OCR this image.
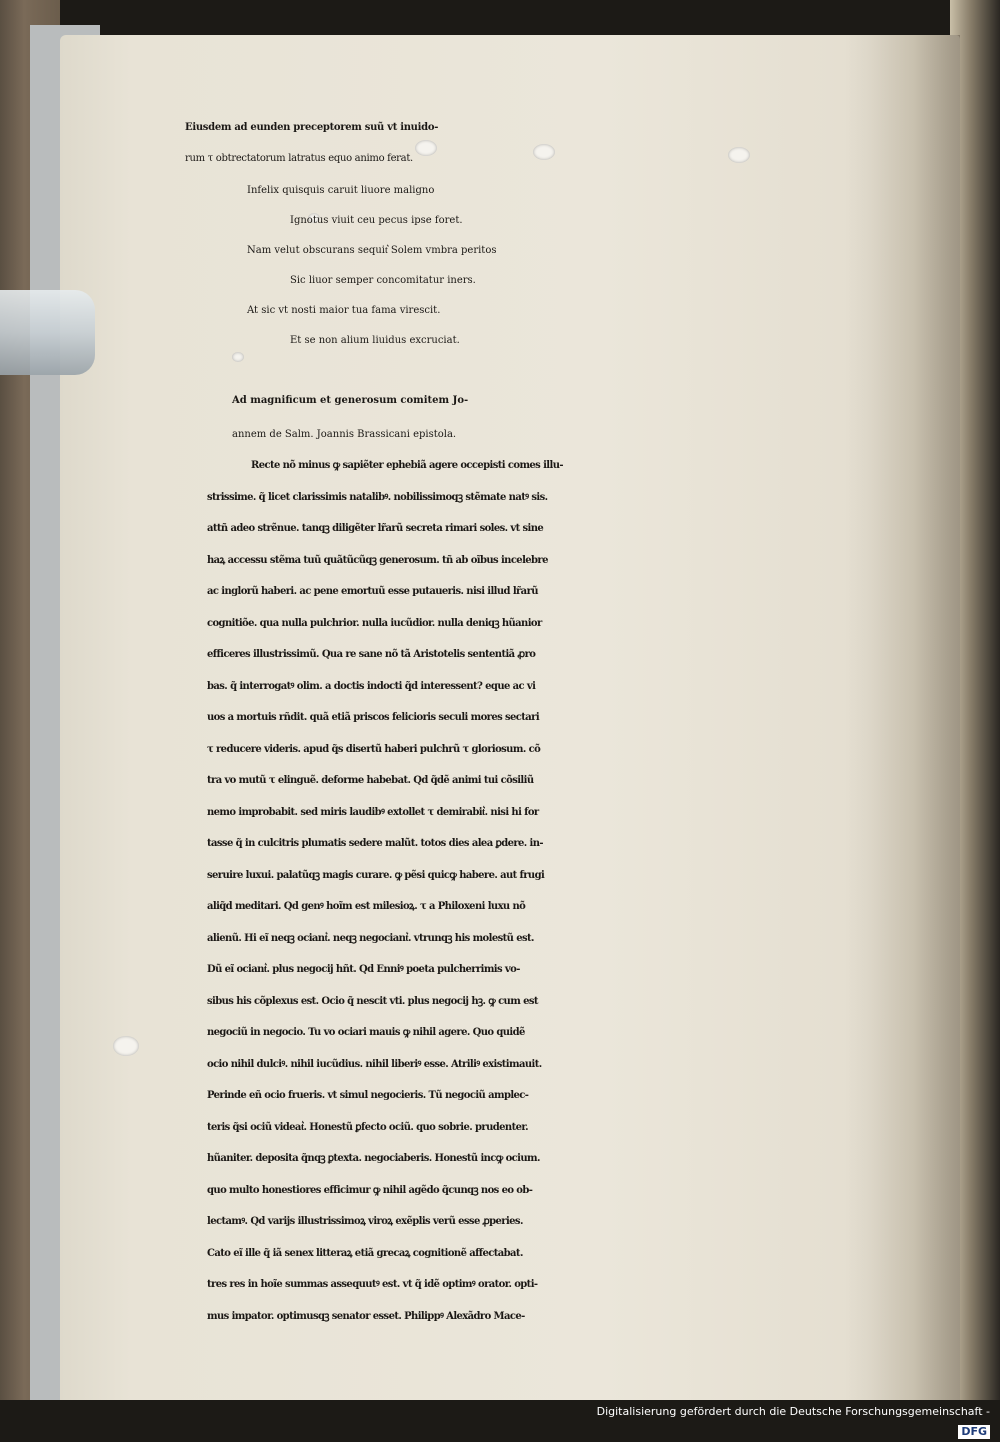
Eiusdem ad eunden preceptorem suũ vt inuido-
rum τ obtrectatorum latratus equo animo ferat.
Infelix quisquis caruit liuore maligno
Ignotus viuit ceu pecus ipse foret.
Nam velut obscurans sequit͛ Solem vmbra peritos
Sic liuor semper concomitatur iners.
At sic vt nosti maior tua fama virescit.
Et se non alium liuidus excruciat.
Ad magnificum et generosum comitem Jo-
annem de Salm. Joannis Brassicani epistola.
Recte nõ minus ꝙ sapiẽter ephebiã agere occepisti comes illu-
strissime. q̃ licet clarissimis natalibꝰ. nobilissimoqꝫ stẽmate natꝰ sis.
attñ adeo strẽnue. tanqꝫ diligẽter lr̃arũ secreta rimari soles. vt sine
haꝝ accessu stẽma tuũ quãtũcũqꝫ generosum. tñ ab oĩbus incelebre
ac inglorũ haberi. ac pene emortuũ esse putaueris. nisi illud lr̃arũ
cognitiõe. qua nulla pulchrior. nulla iucũdior. nulla deniqꝫ hũanior
efficeres illustrissimũ. Qua re sane nõ tã Aristotelis sententiã ꝓro
bas. q̃ interrogatꝰ olim. a doctis indocti q̃d interessent? eque ac vi
uos a mortuis rñdit. quã etiã priscos felicioris seculi mores sectari
τ reducere videris. apud q̃s disertũ haberi pulchrũ τ gloriosum. cõ
tra vo mutũ τ elinguẽ. deforme habebat. Qd q̃dẽ animi tui cõsiliũ
nemo improbabit. sed miris laudibꝰ extollet τ demirabit͛. nisi hi for
tasse q̃ in culcitris plumatis sedere malũt. totos dies alea ꝑdere. in-
seruire luxui. palatũqꝫ magis curare. ꝙ pẽsi quicꝙ habere. aut frugi
aliq̃d meditari. Qd genꝰ hoĩm est milesioꝝ. τ a Philoxeni luxu nõ
alienũ. Hi eĩ neqꝫ ociant͛. neqꝫ negociant͛. vtrunqꝫ his molestũ est.
Dũ eĩ ociant͛. plus negocij hñt. Qd Enniꝰ poeta pulcherrimis vo-
sibus his cõplexus est. Ocio q̃ nescit vti. plus negocij hꝫ. ꝙ cum est
negociũ in negocio. Tu vo ociari mauis ꝙ nihil agere. Quo quidẽ
ocio nihil dulciꝰ. nihil iucũdius. nihil liberiꝰ esse. Atriliꝰ existimauit.
Perinde eñ ocio frueris. vt simul negocieris. Tũ negociũ amplec-
teris q̃si ociũ videat͛. Honestũ ꝑfecto ociũ. quo sobrie. prudenter.
hũaniter. deposita q̃nqꝫ ꝑtexta. negociaberis. Honestũ incꝙ ocium.
quo multo honestiores efficimur ꝙ nihil agẽdo q̃cunqꝫ nos eo ob-
lectamꝰ. Qd varijs illustrissimoꝝ viroꝝ exẽplis verũ esse ꝓperies.
Cato eĩ ille q̃ iã senex litteraꝝ etiã grecaꝝ cognitionẽ affectabat.
tres res in hoĩe summas assequutꝰ est. vt q̃ idẽ optimꝰ orator. opti-
mus impator. optimusqꝫ senator esset. Philippꝰ Alexãdro Mace-
Digitalisierung gefördert durch die Deutsche Forschungsgemeinschaft - DFG
